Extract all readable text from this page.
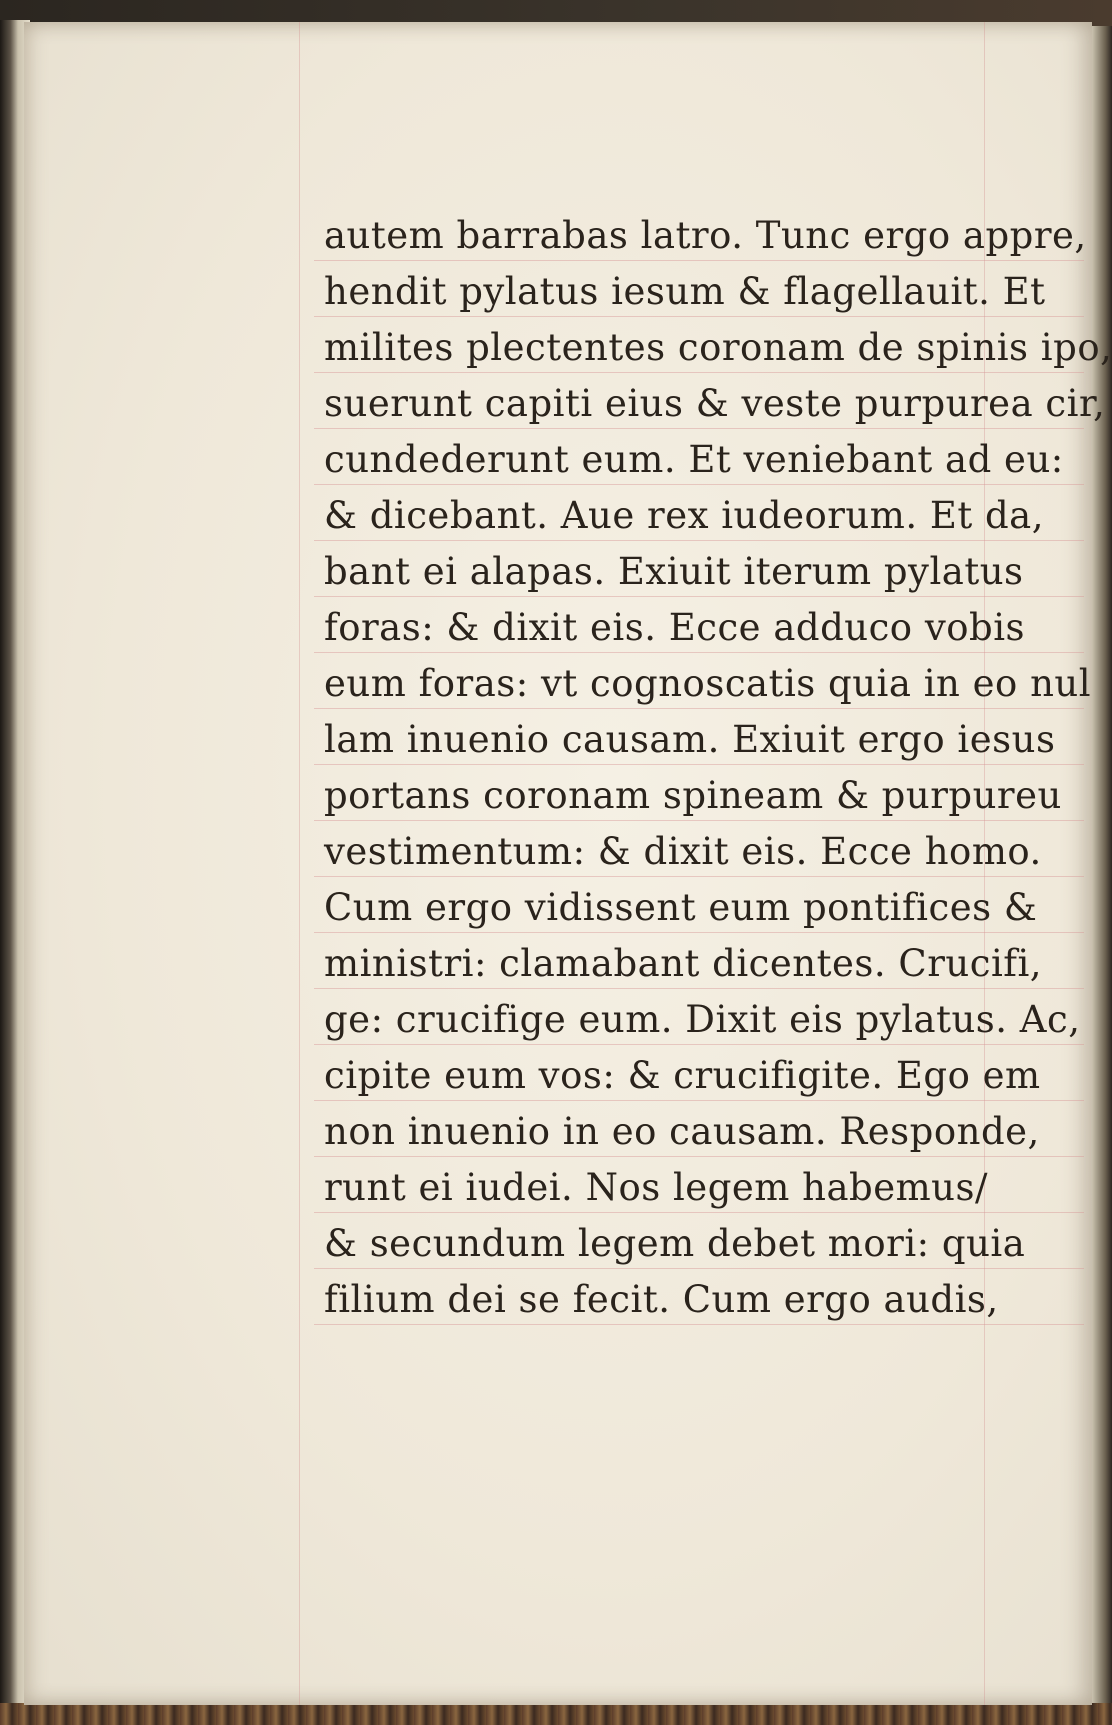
autem barrabas latro. Tunc ergo appre,
hendit pylatus iesum & flagellauit. Et
milites plectentes coronam de spinis ipo,
suerunt capiti eius & veste purpurea cir,
cundederunt eum. Et veniebant ad eu:
& dicebant. Aue rex iudeorum. Et da,
bant ei alapas. Exiuit iterum pylatus
foras: & dixit eis. Ecce adduco vobis
eum foras: vt cognoscatis quia in eo nul
lam inuenio causam. Exiuit ergo iesus
portans coronam spineam & purpureu
vestimentum: & dixit eis. Ecce homo.
Cum ergo vidissent eum pontifices &
ministri: clamabant dicentes. Crucifi,
ge: crucifige eum. Dixit eis pylatus. Ac,
cipite eum vos: & crucifigite. Ego em
non inuenio in eo causam. Responde,
runt ei iudei. Nos legem habemus/
& secundum legem debet mori: quia
filium dei se fecit. Cum ergo audis,
